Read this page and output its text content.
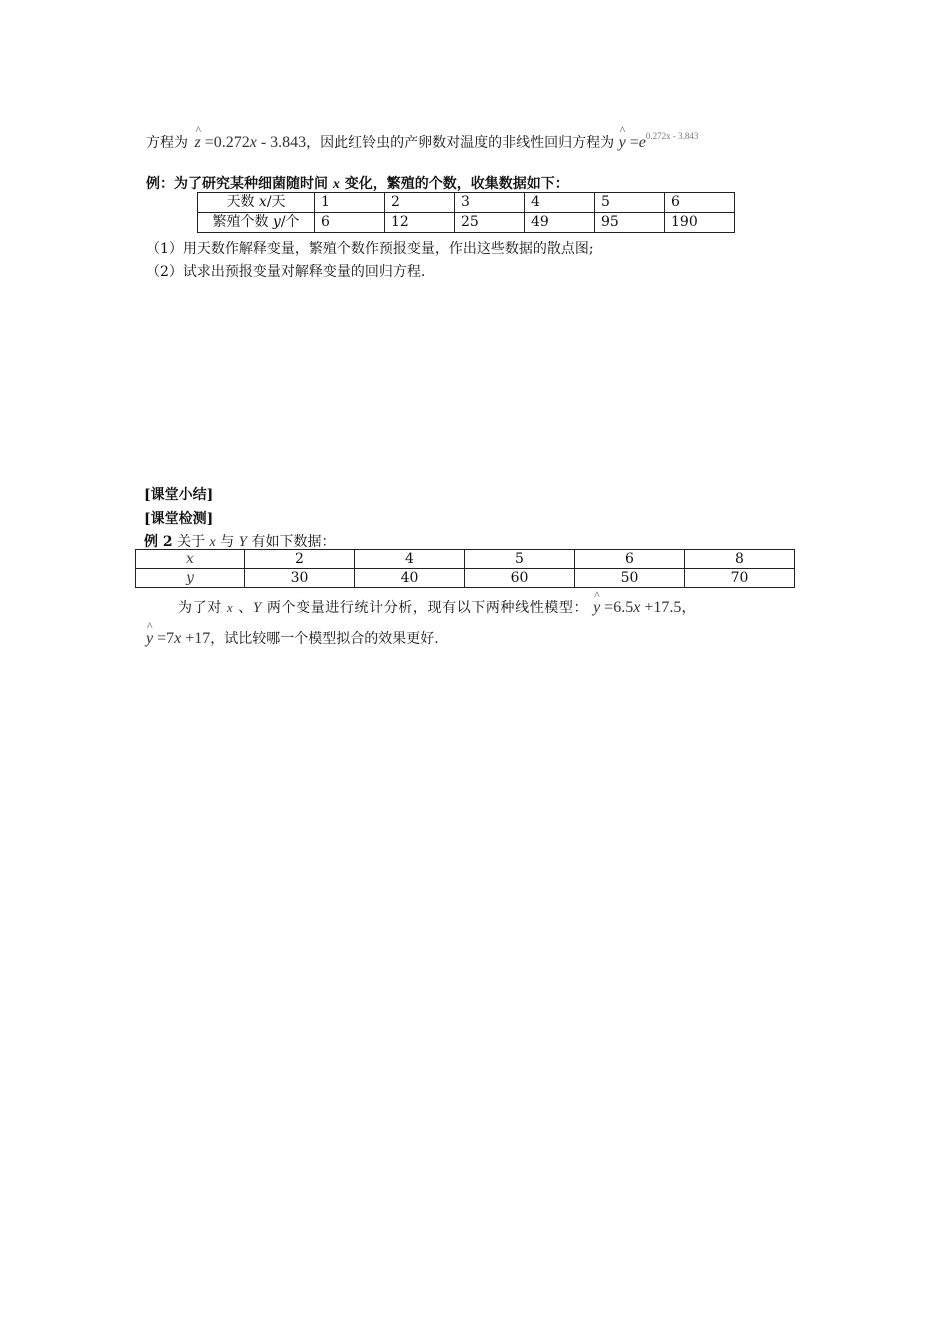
方程为 ^ z =0.272x - 3.843，因此红铃虫的产卵数对温度的非线性回归方程为 ^ $y =e^{0.272x - 3.843}$
例：为了研究某种细菌随时间 x 变化，繁殖的个数，收集数据如下：
天数 x/天	1	2	3	4	5	6
繁殖个数 y/个	6	12	25	49	95	190
（1）用天数作解释变量，繁殖个数作预报变量，作出这些数据的散点图;
（2）试求出预报变量对解释变量的回归方程.
[课堂小结]
[课堂检测]
例 2 关于 x 与 Y 有如下数据：
x	2	4	5	6	8
y	30	40	60	50	70
为了对 x 、Y 两个变量进行统计分析，现有以下两种线性模型： ^ y =6.5x +17.5，
^ y =7x +17，试比较哪一个模型拟合的效果更好.
